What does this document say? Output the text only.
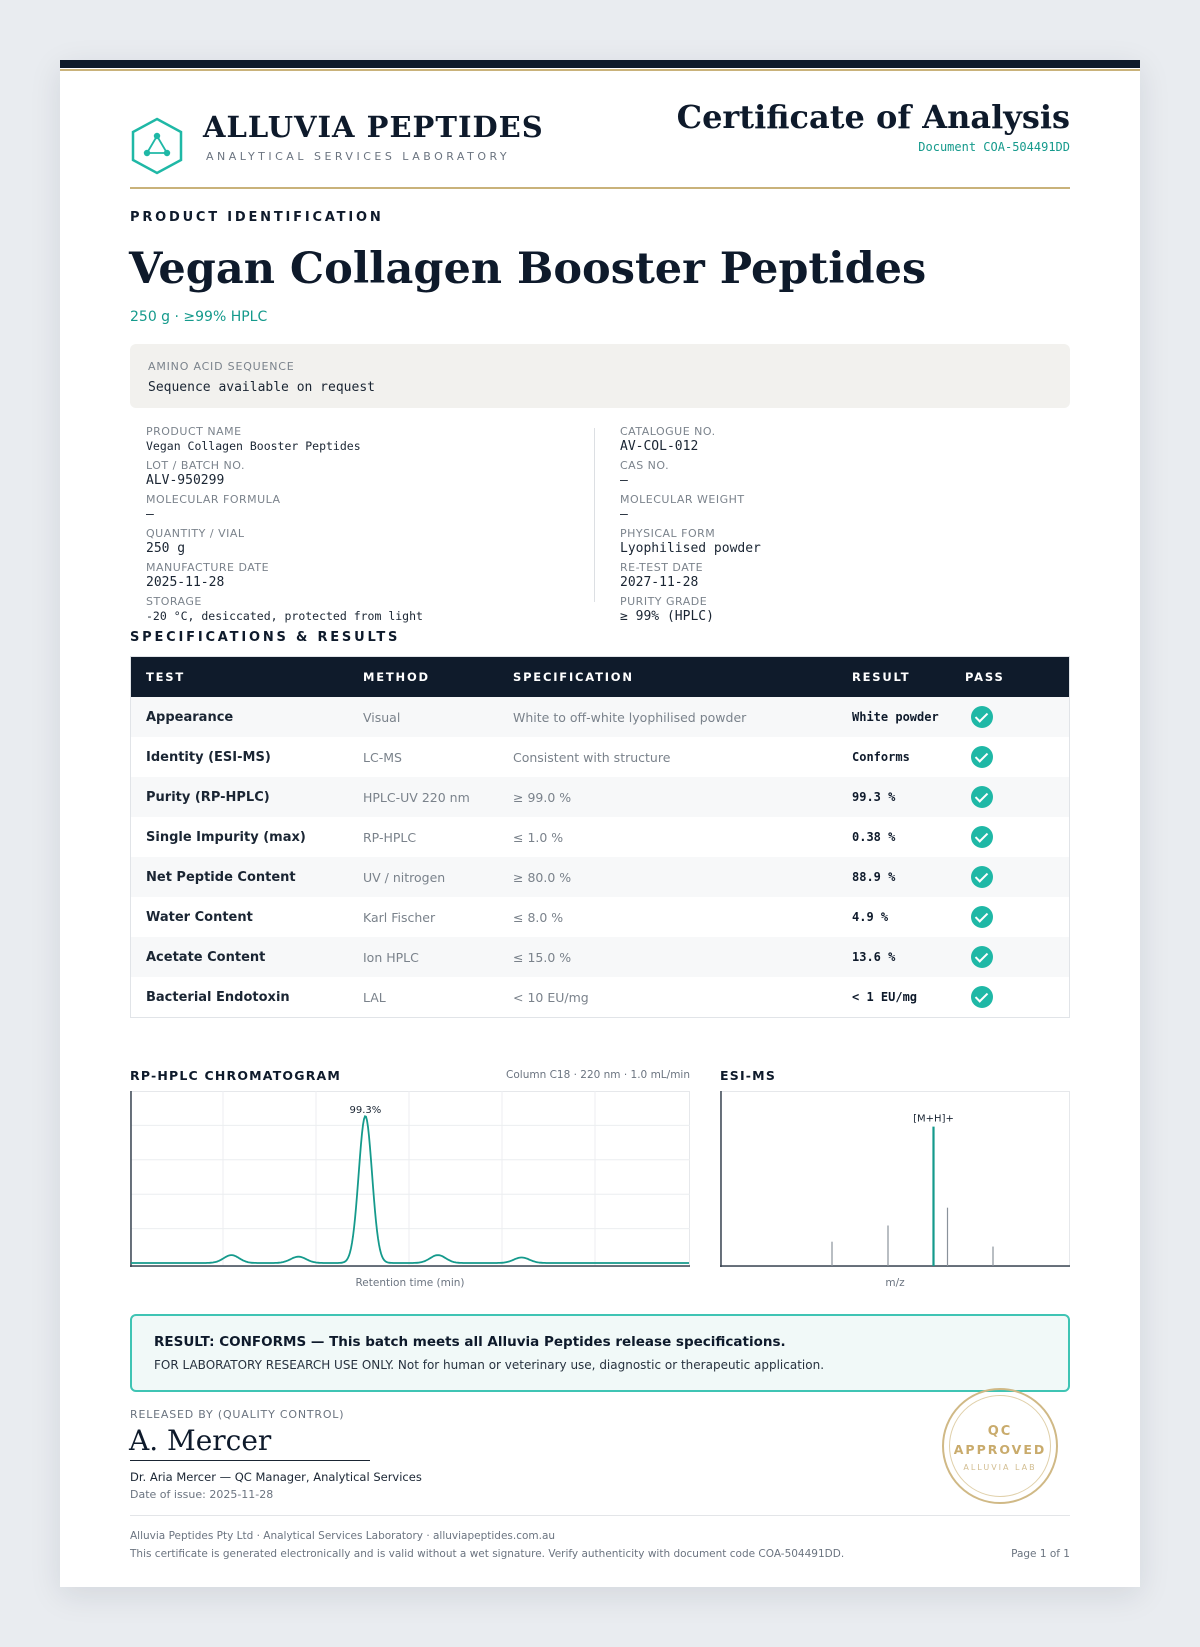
ALLUVIA PEPTIDES
ANALYTICAL SERVICES LABORATORY
Certificate of Analysis
Document COA-504491DD
PRODUCT IDENTIFICATION
Vegan Collagen Booster Peptides
250 g · ≥99% HPLC
AMINO ACID SEQUENCE
Sequence available on request
PRODUCT NAME
Vegan Collagen Booster Peptides
LOT / BATCH NO.
ALV-950299
MOLECULAR FORMULA
—
QUANTITY / VIAL
250 g
MANUFACTURE DATE
2025-11-28
STORAGE
-20 °C, desiccated, protected from light
CATALOGUE NO.
AV-COL-012
CAS NO.
—
MOLECULAR WEIGHT
—
PHYSICAL FORM
Lyophilised powder
RE-TEST DATE
2027-11-28
PURITY GRADE
≥ 99% (HPLC)
SPECIFICATIONS & RESULTS
TEST	METHOD	SPECIFICATION	RESULT	PASS
Appearance	Visual	White to off-white lyophilised powder	White powder	
Identity (ESI-MS)	LC-MS	Consistent with structure	Conforms	
Purity (RP-HPLC)	HPLC-UV 220 nm	≥ 99.0 %	99.3 %	
Single Impurity (max)	RP-HPLC	≤ 1.0 %	0.38 %	
Net Peptide Content	UV / nitrogen	≥ 80.0 %	88.9 %	
Water Content	Karl Fischer	≤ 8.0 %	4.9 %	
Acetate Content	Ion HPLC	≤ 15.0 %	13.6 %	
Bacterial Endotoxin	LAL	< 10 EU/mg	< 1 EU/mg	
RP-HPLC CHROMATOGRAM	Column C18 · 220 nm · 1.0 mL/min
99.3%
Retention time (min)
ESI-MS
[M+H]+
m/z
RESULT: CONFORMS — This batch meets all Alluvia Peptides release specifications.
FOR LABORATORY RESEARCH USE ONLY. Not for human or veterinary use, diagnostic or therapeutic application.
RELEASED BY (QUALITY CONTROL)
A. Mercer
Dr. Aria Mercer — QC Manager, Analytical Services
Date of issue: 2025-11-28
QC
APPROVED
ALLUVIA LAB
Alluvia Peptides Pty Ltd · Analytical Services Laboratory · alluviapeptides.com.au
This certificate is generated electronically and is valid without a wet signature. Verify authenticity with document code COA-504491DD.	Page 1 of 1
